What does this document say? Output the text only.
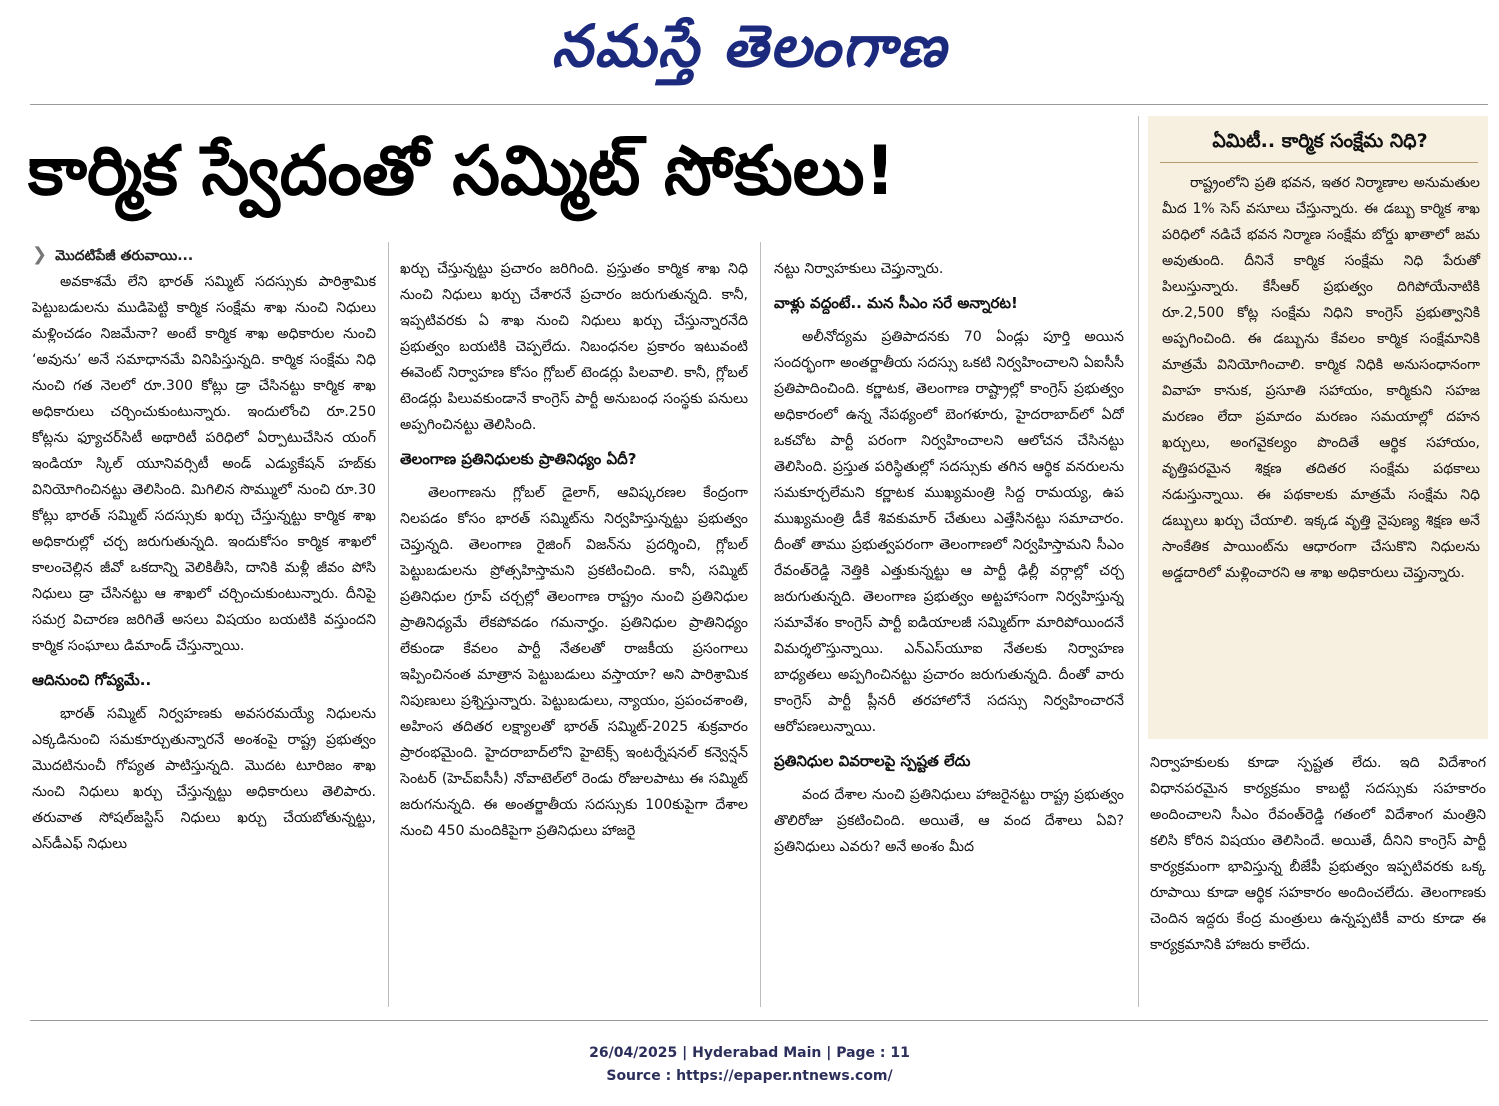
నమస్తే తెలంగాణ
కార్మిక స్వేదంతో సమ్మిట్ సోకులు!
❯ మొదటిపేజీ తరువాయి...

అవకాశమే లేని భారత్ సమ్మిట్ సదస్సుకు పారిశ్రామిక పెట్టుబడులను ముడిపెట్టి కార్మిక సంక్షేమ శాఖ నుంచి నిధులు మళ్లించడం నిజమేనా? అంటే కార్మిక శాఖ అధికారుల నుంచి ‘అవును’ అనే సమాధానమే వినిపిస్తున్నది. కార్మిక సంక్షేమ నిధి నుంచి గత నెలలో రూ.300 కోట్లు డ్రా చేసినట్టు కార్మిక శాఖ అధికారులు చర్చించుకుంటున్నారు. ఇందులోంచి రూ.250 కోట్లను ఫ్యూచర్‌సిటీ అథారిటీ పరిధిలో ఏర్పాటుచేసిన యంగ్ ఇండియా స్కిల్ యూనివర్సిటీ అండ్ ఎడ్యుకేషన్ హబ్‌కు వినియోగించినట్టు తెలిసింది. మిగిలిన సొమ్ములో నుంచి రూ.30 కోట్లు భారత్ సమ్మిట్ సదస్సుకు ఖర్చు చేస్తున్నట్టు కార్మిక శాఖ అధికారుల్లో చర్చ జరుగుతున్నది. ఇందుకోసం కార్మిక శాఖలో కాలంచెల్లిన జీవో ఒకదాన్ని వెలికితీసి, దానికి మళ్లీ జీవం పోసి నిధులు డ్రా చేసినట్టు ఆ శాఖలో చర్చించుకుంటున్నారు. దీనిపై సమగ్ర విచారణ జరిగితే అసలు విషయం బయటికి వస్తుందని కార్మిక సంఘాలు డిమాండ్ చేస్తున్నాయి.

ఆదినుంచి గోప్యమే..

భారత్ సమ్మిట్ నిర్వహణకు అవసరమయ్యే నిధులను ఎక్కడినుంచి సమకూర్చుతున్నారనే అంశంపై రాష్ట్ర ప్రభుత్వం మొదటినుంచీ గోప్యత పాటిస్తున్నది. మొదట టూరిజం శాఖ నుంచి నిధులు ఖర్చు చేస్తున్నట్టు అధికారులు తెలిపారు. తరువాత సోషల్‌జస్టిస్ నిధులు ఖర్చు చేయబోతున్నట్టు, ఎస్‌డీఎఫ్ నిధులు

ఖర్చు చేస్తున్నట్టు ప్రచారం జరిగింది. ప్రస్తుతం కార్మిక శాఖ నిధి నుంచి నిధులు ఖర్చు చేశారనే ప్రచారం జరుగుతున్నది. కానీ, ఇప్పటివరకు ఏ శాఖ నుంచి నిధులు ఖర్చు చేస్తున్నారనేది ప్రభుత్వం బయటికి చెప్పలేదు. నిబంధనల ప్రకారం ఇటువంటి ఈవెంట్ నిర్వాహణ కోసం గ్లోబల్ టెండర్లు పిలవాలి. కానీ, గ్లోబల్ టెండర్లు పిలువకుండానే కాంగ్రెస్ పార్టీ అనుబంధ సంస్థకు పనులు అప్పగించినట్టు తెలిసింది.

తెలంగాణ ప్రతినిధులకు ప్రాతినిధ్యం ఏదీ?

తెలంగాణను గ్లోబల్ డైలాగ్, ఆవిష్కరణల కేంద్రంగా నిలపడం కోసం భారత్ సమ్మిట్‌ను నిర్వహిస్తున్నట్టు ప్రభుత్వం చెప్తున్నది. తెలంగాణ రైజింగ్ విజన్‌ను ప్రదర్శించి, గ్లోబల్ పెట్టుబడులను ప్రోత్సహిస్తామని ప్రకటించింది. కానీ, సమ్మిట్ ప్రతినిధుల గ్రూప్ చర్చల్లో తెలంగాణ రాష్ట్రం నుంచి ప్రతినిధుల ప్రాతినిధ్యమే లేకపోవడం గమనార్హం. ప్రతినిధుల ప్రాతినిధ్యం లేకుండా కేవలం పార్టీ నేతలతో రాజకీయ ప్రసంగాలు ఇప్పించినంత మాత్రాన పెట్టుబడులు వస్తాయా? అని పారిశ్రామిక నిపుణులు ప్రశ్నిస్తున్నారు. పెట్టుబడులు, న్యాయం, ప్రపంచశాంతి, అహింస తదితర లక్ష్యాలతో భారత్ సమ్మిట్-2025 శుక్రవారం ప్రారంభమైంది. హైదరాబాద్‌లోని హైటెక్స్ ఇంటర్నేషనల్ కన్వెన్షన్ సెంటర్ (హెచ్‌ఐసీసీ) నోవాటెల్‌లో రెండు రోజులపాటు ఈ సమ్మిట్ జరుగనున్నది. ఈ అంతర్జాతీయ సదస్సుకు 100కుపైగా దేశాల నుంచి 450 మందికిపైగా ప్రతినిధులు హాజరై

నట్టు నిర్వాహకులు చెప్తున్నారు.

వాళ్లు వద్దంటే.. మన సీఎం సరే అన్నారట!

అలీనోద్యమ ప్రతిపాదనకు 70 ఏండ్లు పూర్తి అయిన సందర్భంగా అంతర్జాతీయ సదస్సు ఒకటి నిర్వహించాలని ఏఐసీసీ ప్రతిపాదించింది. కర్ణాటక, తెలంగాణ రాష్ట్రాల్లో కాంగ్రెస్ ప్రభుత్వం అధికారంలో ఉన్న నేపథ్యంలో బెంగళూరు, హైదరాబాద్‌లో ఏదో ఒకచోట పార్టీ పరంగా నిర్వహించాలని ఆలోచన చేసినట్టు తెలిసింది. ప్రస్తుత పరిస్థితుల్లో సదస్సుకు తగిన ఆర్థిక వనరులను సమకూర్చలేమని కర్ణాటక ముఖ్యమంత్రి సిద్ద రామయ్య, ఉప ముఖ్యమంత్రి డీకే శివకుమార్ చేతులు ఎత్తేసినట్టు సమాచారం. దీంతో తాము ప్రభుత్వపరంగా తెలంగాణలో నిర్వహిస్తామని సీఎం రేవంత్‌రెడ్డి నెత్తికి ఎత్తుకున్నట్టు ఆ పార్టీ ఢిల్లీ వర్గాల్లో చర్చ జరుగుతున్నది. తెలంగాణ ప్రభుత్వం అట్టహాసంగా నిర్వహిస్తున్న సమావేశం కాంగ్రెస్ పార్టీ ఐడియాలజీ సమ్మిట్‌గా మారిపోయిందనే విమర్శలొస్తున్నాయి. ఎన్‌ఎస్‌యూఐ నేతలకు నిర్వాహణ బాధ్యతలు అప్పగించినట్టు ప్రచారం జరుగుతున్నది. దీంతో వారు కాంగ్రెస్ పార్టీ ప్లీనరీ తరహాలోనే సదస్సు నిర్వహించారనే ఆరోపణలున్నాయి.

ప్రతినిధుల వివరాలపై స్పష్టత లేదు

వంద దేశాల నుంచి ప్రతినిధులు హాజరైనట్టు రాష్ట్ర ప్రభుత్వం తొలిరోజు ప్రకటించింది. అయితే, ఆ వంద దేశాలు ఏవి? ప్రతినిధులు ఎవరు? అనే అంశం మీద

ఏమిటీ.. కార్మిక సంక్షేమ నిధి?

రాష్ట్రంలోని ప్రతి భవన, ఇతర నిర్మాణాల అనుమతుల మీద 1% సెస్ వసూలు చేస్తున్నారు. ఈ డబ్బు కార్మిక శాఖ పరిధిలో నడిచే భవన నిర్మాణ సంక్షేమ బోర్డు ఖాతాలో జమ అవుతుంది. దీనినే కార్మిక సంక్షేమ నిధి పేరుతో పిలుస్తున్నారు. కేసీఆర్ ప్రభుత్వం దిగిపోయేనాటికి రూ.2,500 కోట్ల సంక్షేమ నిధిని కాంగ్రెస్ ప్రభుత్వానికి అప్పగించింది. ఈ డబ్బును కేవలం కార్మిక సంక్షేమానికి మాత్రమే వినియోగించాలి. కార్మిక నిధికి అనుసంధానంగా వివాహ కానుక, ప్రసూతి సహాయం, కార్మికుని సహజ మరణం లేదా ప్రమాదం మరణం సమయాల్లో దహన ఖర్చులు, అంగవైకల్యం పొందితే ఆర్థిక సహాయం, వృత్తిపరమైన శిక్షణ తదితర సంక్షేమ పథకాలు నడుస్తున్నాయి. ఈ పథకాలకు మాత్రమే సంక్షేమ నిధి డబ్బులు ఖర్చు చేయాలి. ఇక్కడ వృత్తి నైపుణ్య శిక్షణ అనే సాంకేతిక పాయింట్‌ను ఆధారంగా చేసుకొని నిధులను అడ్డదారిలో మళ్లించారని ఆ శాఖ అధికారులు చెప్తున్నారు.

నిర్వాహకులకు కూడా స్పష్టత లేదు. ఇది విదేశాంగ విధానపరమైన కార్యక్రమం కాబట్టి సదస్సుకు సహకారం అందించాలని సీఎం రేవంత్‌రెడ్డి గతంలో విదేశాంగ మంత్రిని కలిసి కోరిన విషయం తెలిసిందే. అయితే, దీనిని కాంగ్రెస్ పార్టీ కార్యక్రమంగా భావిస్తున్న బీజేపీ ప్రభుత్వం ఇప్పటివరకు ఒక్క రూపాయి కూడా ఆర్థిక సహకారం అందించలేదు. తెలంగాణకు చెందిన ఇద్దరు కేంద్ర మంత్రులు ఉన్నప్పటికీ వారు కూడా ఈ కార్యక్రమానికి హాజరు కాలేదు.

26/04/2025 | Hyderabad Main | Page : 11
Source : https://epaper.ntnews.com/
